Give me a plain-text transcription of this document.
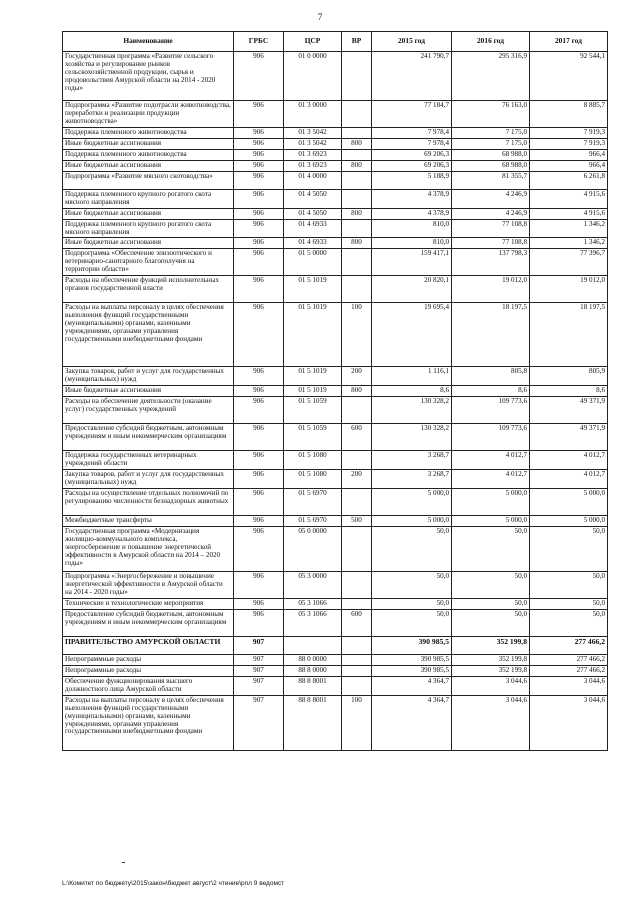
7
Наименование	ГРБС	ЦСР	ВР	2015 год	2016 год	2017 год
Государственная программа «Развитие сельского хозяйства и регулирование рынков сельскохозяйственной продукции, сырья и продовольствия Амурской области на 2014 - 2020 годы»	906	01 0 0000		241 790,7	295 316,9	92 544,1
Подпрограмма «Развитие подотрасли животноводства, переработки и реализации продукции животноводства»	906	01 3 0000		77 184,7	76 163,0	8 885,7
Поддержка племенного животноводства	906	01 3 5042		7 978,4	7 175,0	7 919,3
Иные бюджетные ассигнования	906	01 3 5042	800	7 978,4	7 175,0	7 919,3
Поддержка племенного животноводства	906	01 3 6923		69 206,3	68 988,0	966,4
Иные бюджетные ассигнования	906	01 3 6923	800	69 206,3	68 988,0	966,4
Подпрограмма «Развитие мясного скотоводства»	906	01 4 0000		5 188,9	81 355,7	6 261,8
Поддержка племенного крупного рогатого скота мясного направления	906	01 4 5050		4 378,9	4 246,9	4 915,6
Иные бюджетные ассигнования	906	01 4 5050	800	4 378,9	4 246,9	4 915,6
Поддержка племенного крупного рогатого скота мясного направления	906	01 4 6933		810,0	77 108,8	1 346,2
Иные бюджетные ассигнования	906	01 4 6933	800	810,0	77 108,8	1 346,2
Подпрограмма «Обеспечение эпизоотического и ветеринарно-санитарного благополучия на территории области»	906	01 5 0000		159 417,1	137 798,3	77 396,7
Расходы на обеспечение функций исполнительных органов государственной власти	906	01 5 1019		20 820,1	19 012,0	19 012,0
Расходы на выплаты персоналу в целях обеспечения выполнения функций государственными (муниципальными) органами, казенными учреждениями, органами управления государственными внебюджетными фондами	906	01 5 1019	100	19 695,4	18 197,5	18 197,5
Закупка товаров, работ и услуг для государственных (муниципальных) нужд	906	01 5 1019	200	1 116,1	805,8	805,9
Иные бюджетные ассигнования	906	01 5 1019	800	8,6	8,6	8,6
Расходы на обеспечение деятельности (оказание услуг) государственных учреждений	906	01 5 1059		130 328,2	109 773,6	49 371,9
Предоставление субсидий бюджетным, автономным учреждениям и иным некоммерческим организациям	906	01 5 1059	600	130 328,2	109 773,6	49 371,9
Поддержка государственных ветеринарных учреждений области	906	01 5 1080		3 268,7	4 012,7	4 012,7
Закупка товаров, работ и услуг для государственных (муниципальных) нужд	906	01 5 1080	200	3 268,7	4 012,7	4 012,7
Расходы на осуществление отдельных полномочий по регулированию численности безнадзорных животных	906	01 5 6970		5 000,0	5 000,0	5 000,0
Межбюджетные трансферты	906	01 5 6970	500	5 000,0	5 000,0	5 000,0
Государственная программа «Модернизация жилищно-коммунального комплекса, энергосбережение и повышение энергетической эффективности в Амурской области на 2014 – 2020 годы»	906	05 0 0000		50,0	50,0	50,0
Подпрограмма «Энергосбережение и повышение энергетической эффективности в Амурской области на 2014 - 2020 годы»	906	05 3 0000		50,0	50,0	50,0
Технические и технологические мероприятия	906	05 3 1066		50,0	50,0	50,0
Предоставление субсидий бюджетным, автономным учреждениям и иным некоммерческим организациям	906	05 3 1066	600	50,0	50,0	50,0
ПРАВИТЕЛЬСТВО АМУРСКОЙ ОБЛАСТИ	907			390 985,5	352 199,8	277 466,2
Непрограммные расходы	907	88 0 0000		390 985,5	352 199,8	277 466,2
Непрограммные расходы	907	88 8 0000		390 985,5	352 199,8	277 466,2
Обеспечение функционирования высшего должностного лица Амурской области	907	88 8 8001		4 364,7	3 044,6	3 044,6
Расходы на выплаты персоналу в целях обеспечения выполнения функций государственными (муниципальными) органами, казенными учреждениями, органами управления государственными внебюджетными фондами	907	88 8 8001	100	4 364,7	3 044,6	3 044,6
L:\Комитет по бюджету\2015\закон\бюджет август\2 чтение\рпл 9 ведомст
